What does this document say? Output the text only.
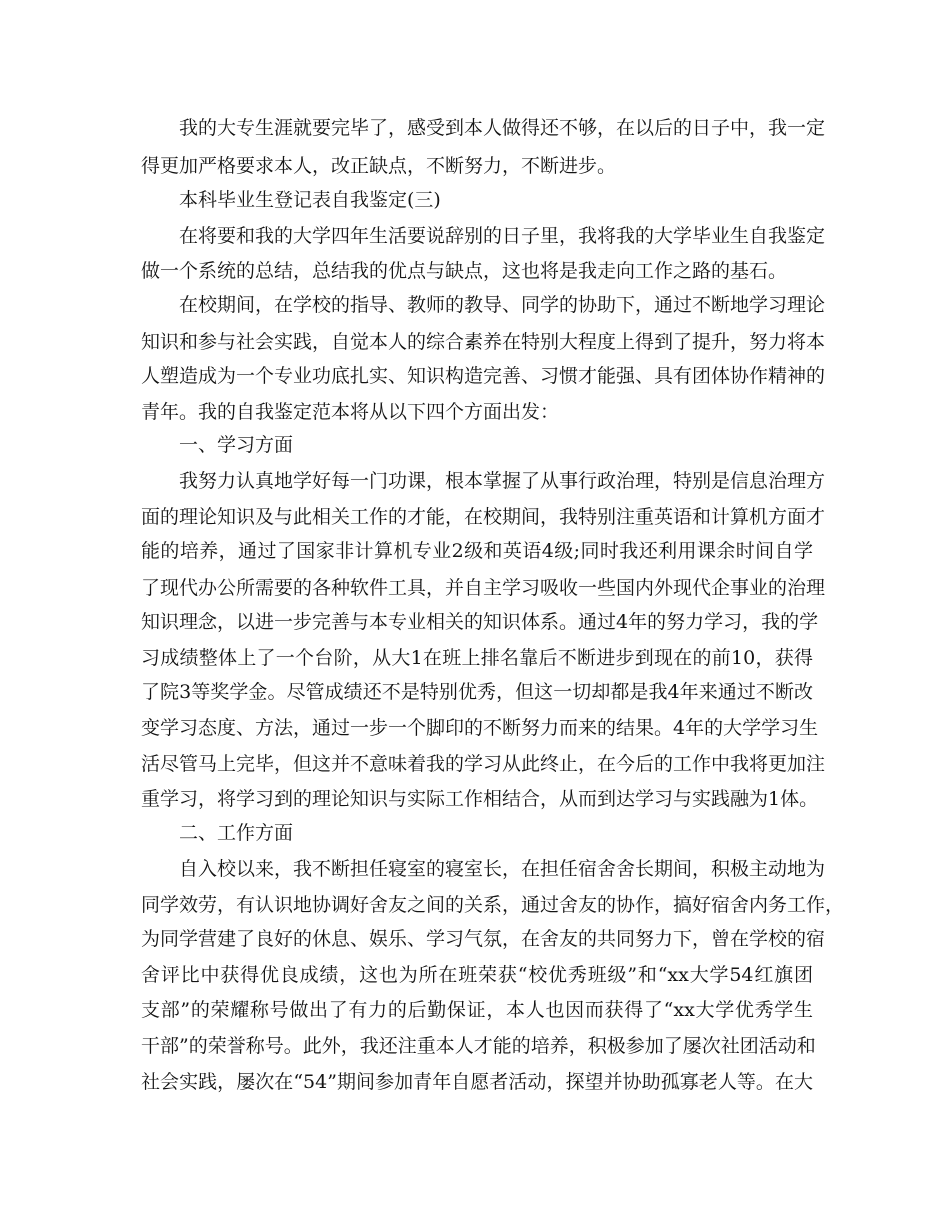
我的大专生涯就要完毕了，感受到本人做得还不够，在以后的日子中，我一定

得更加严格要求本人，改正缺点，不断努力，不断进步。

本科毕业生登记表自我鉴定(三)

在将要和我的大学四年生活要说辞别的日子里，我将我的大学毕业生自我鉴定

做一个系统的总结，总结我的优点与缺点，这也将是我走向工作之路的基石。

在校期间，在学校的指导、教师的教导、同学的协助下，通过不断地学习理论

知识和参与社会实践，自觉本人的综合素养在特别大程度上得到了提升，努力将本

人塑造成为一个专业功底扎实、知识构造完善、习惯才能强、具有团体协作精神的

青年。我的自我鉴定范本将从以下四个方面出发：

一、学习方面

我努力认真地学好每一门功课，根本掌握了从事行政治理，特别是信息治理方

面的理论知识及与此相关工作的才能，在校期间，我特别注重英语和计算机方面才

能的培养，通过了国家非计算机专业2级和英语4级;同时我还利用课余时间自学

了现代办公所需要的各种软件工具，并自主学习吸收一些国内外现代企事业的治理

知识理念，以进一步完善与本专业相关的知识体系。通过4年的努力学习，我的学

习成绩整体上了一个台阶，从大1在班上排名靠后不断进步到现在的前10，获得

了院3等奖学金。尽管成绩还不是特别优秀，但这一切却都是我4年来通过不断改

变学习态度、方法，通过一步一个脚印的不断努力而来的结果。4年的大学学习生

活尽管马上完毕，但这并不意味着我的学习从此终止，在今后的工作中我将更加注

重学习，将学习到的理论知识与实际工作相结合，从而到达学习与实践融为1体。

二、工作方面

自入校以来，我不断担任寝室的寝室长，在担任宿舍舍长期间，积极主动地为

同学效劳，有认识地协调好舍友之间的关系，通过舍友的协作，搞好宿舍内务工作，

为同学营建了良好的休息、娱乐、学习气氛，在舍友的共同努力下，曾在学校的宿

舍评比中获得优良成绩，这也为所在班荣获“校优秀班级”和“xx大学54红旗团

支部”的荣耀称号做出了有力的后勤保证，本人也因而获得了“xx大学优秀学生

干部”的荣誉称号。此外，我还注重本人才能的培养，积极参加了屡次社团活动和

社会实践，屡次在“54”期间参加青年自愿者活动，探望并协助孤寡老人等。在大
